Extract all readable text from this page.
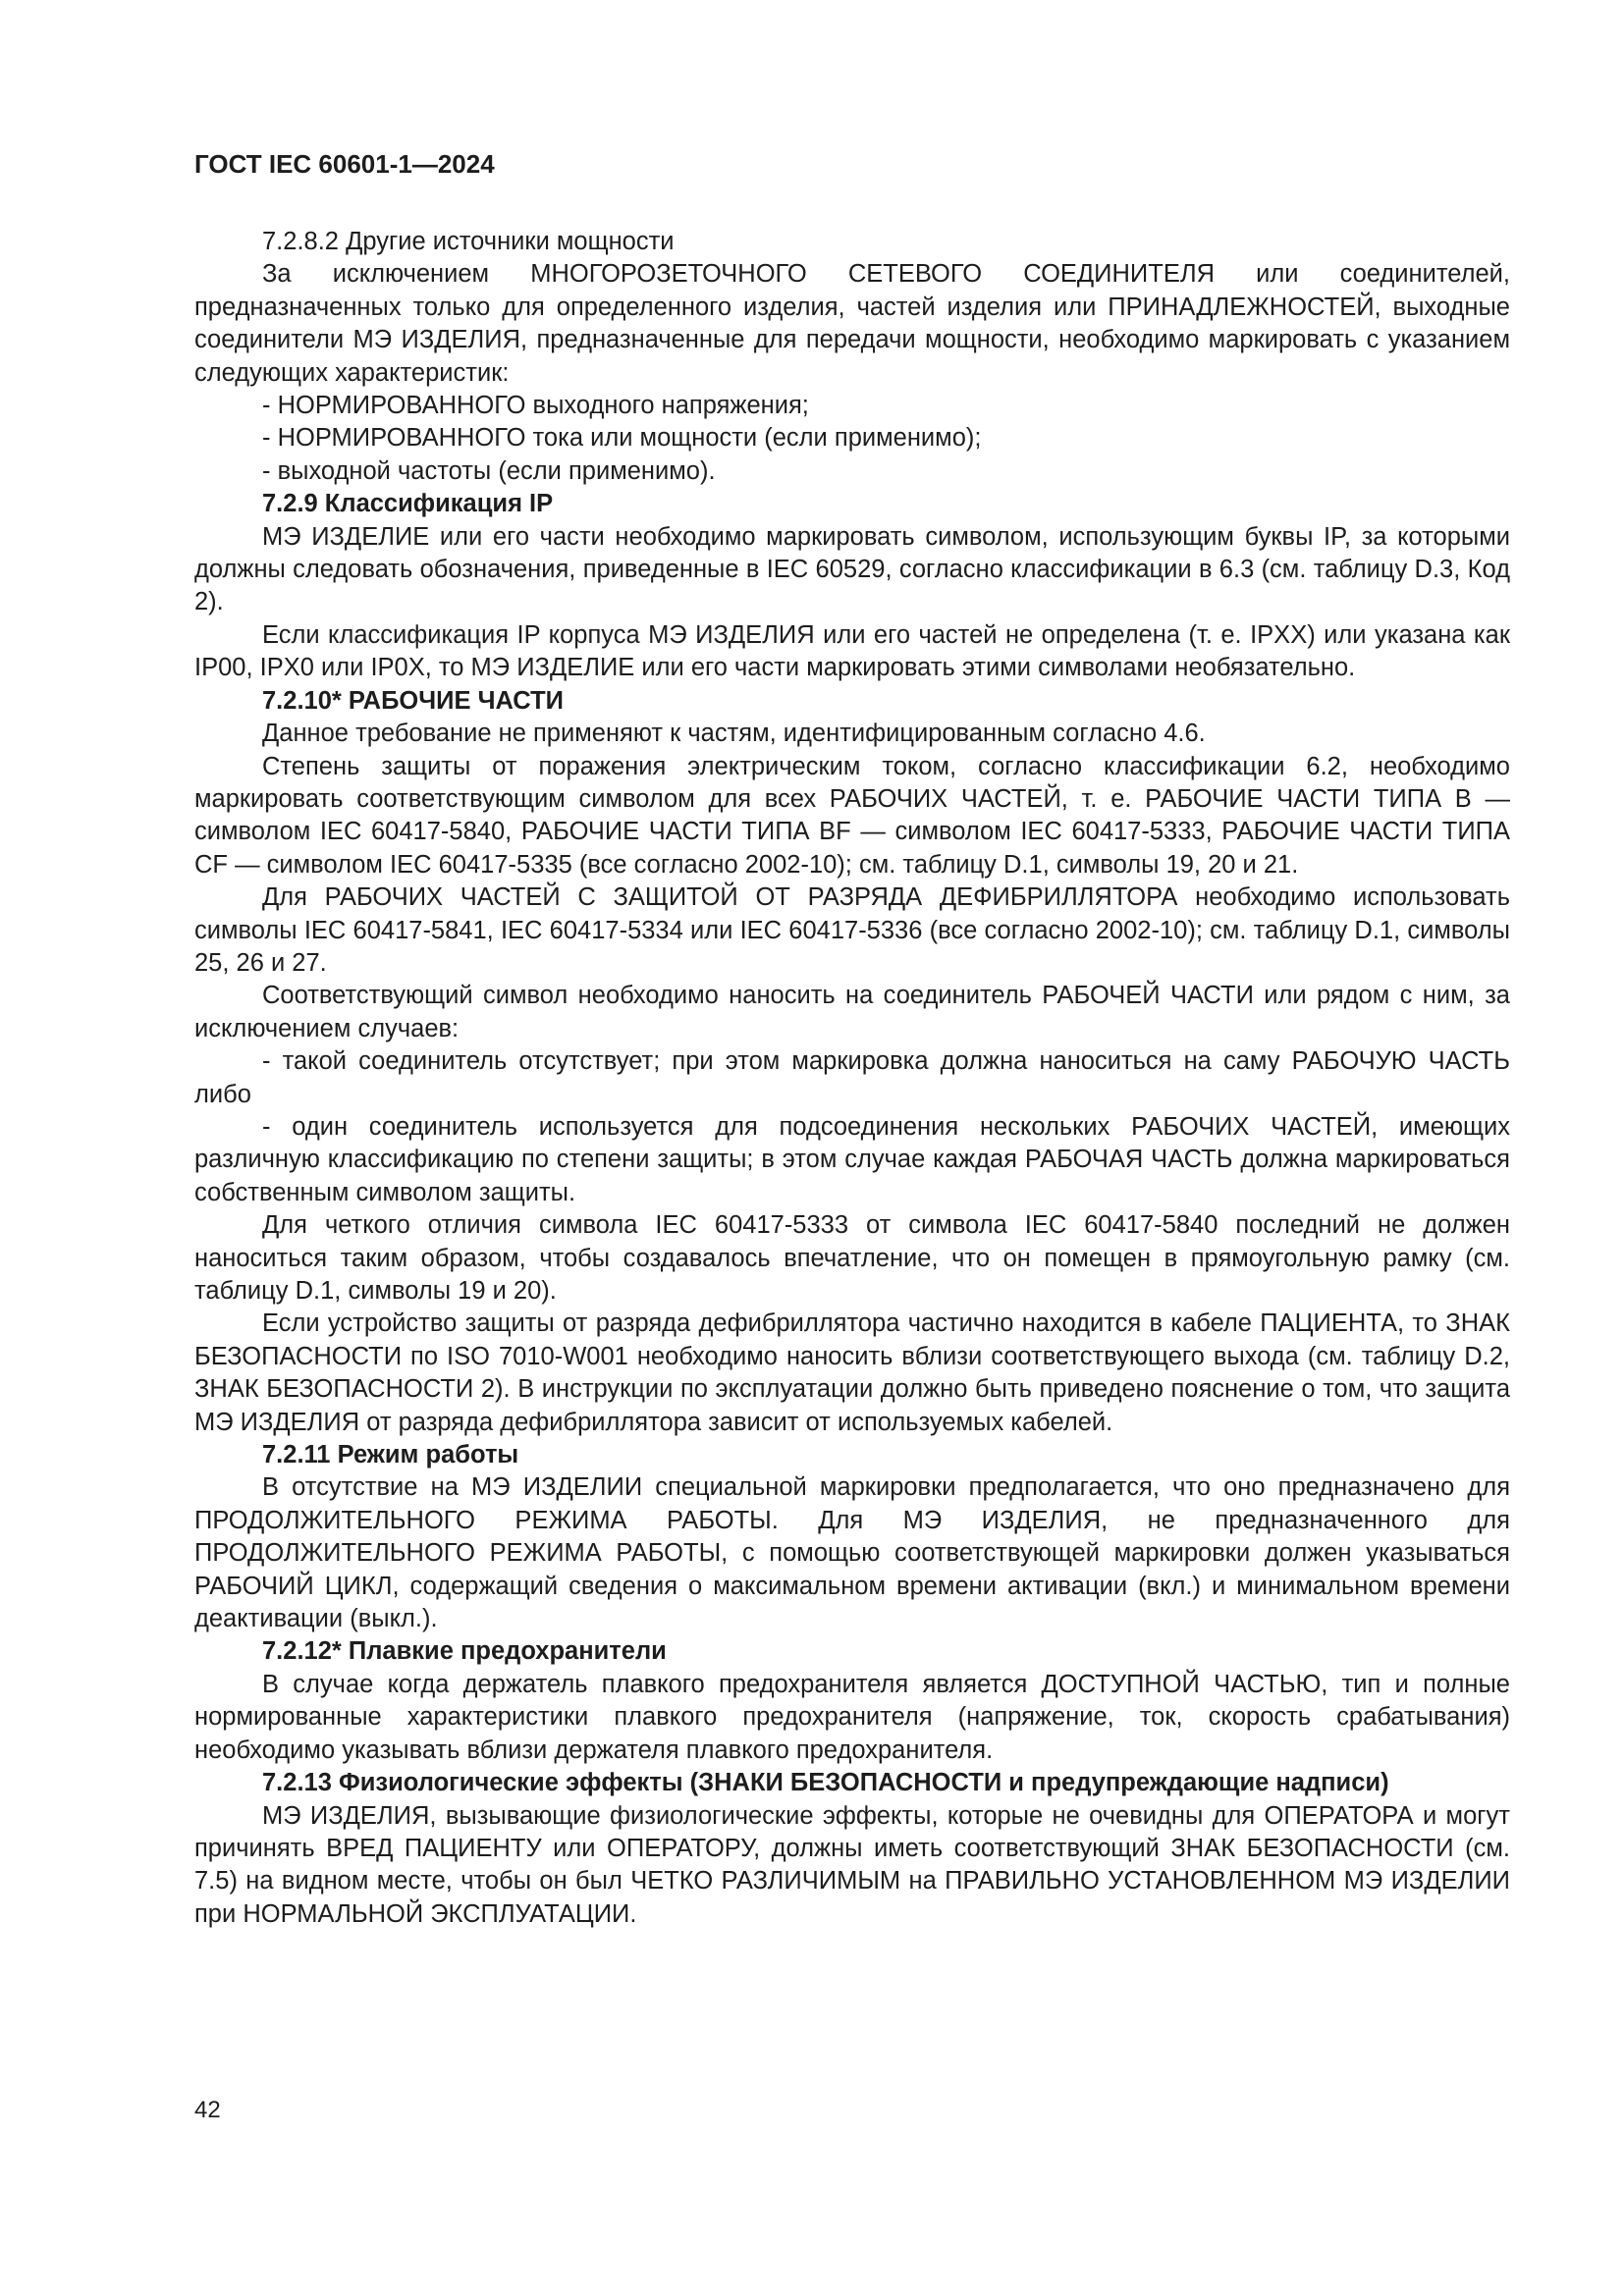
ГОСТ IEC 60601-1—2024

7.2.8.2 Другие источники мощности

За исключением МНОГОРОЗЕТОЧНОГО СЕТЕВОГО СОЕДИНИТЕЛЯ или соединителей, предназначенных только для определенного изделия, частей изделия или ПРИНАДЛЕЖНОСТЕЙ, выходные соединители МЭ ИЗДЕЛИЯ, предназначенные для передачи мощности, необходимо маркировать с указанием следующих характеристик:

- НОРМИРОВАННОГО выходного напряжения;

- НОРМИРОВАННОГО тока или мощности (если применимо);

- выходной частоты (если применимо).

7.2.9 Классификация IP

МЭ ИЗДЕЛИЕ или его части необходимо маркировать символом, использующим буквы IP, за которыми должны следовать обозначения, приведенные в IEC 60529, согласно классификации в 6.3 (см. таблицу D.3, Код 2).

Если классификация IP корпуса МЭ ИЗДЕЛИЯ или его частей не определена (т. е. IPXX) или указана как IP00, IPX0 или IP0X, то МЭ ИЗДЕЛИЕ или его части маркировать этими символами необязательно.

7.2.10* РАБОЧИЕ ЧАСТИ

Данное требование не применяют к частям, идентифицированным согласно 4.6.

Степень защиты от поражения электрическим током, согласно классификации 6.2, необходимо маркировать соответствующим символом для всех РАБОЧИХ ЧАСТЕЙ, т. е. РАБОЧИЕ ЧАСТИ ТИПА В — символом IEC 60417-5840, РАБОЧИЕ ЧАСТИ ТИПА BF — символом IEC 60417-5333, РАБОЧИЕ ЧАСТИ ТИПА CF — символом IEC 60417-5335 (все согласно 2002-10); см. таблицу D.1, символы 19, 20 и 21.

Для РАБОЧИХ ЧАСТЕЙ С ЗАЩИТОЙ ОТ РАЗРЯДА ДЕФИБРИЛЛЯТОРА необходимо использовать символы IEC 60417-5841, IEC 60417-5334 или IEC 60417-5336 (все согласно 2002-10); см. таблицу D.1, символы 25, 26 и 27.

Соответствующий символ необходимо наносить на соединитель РАБОЧЕЙ ЧАСТИ или рядом с ним, за исключением случаев:

- такой соединитель отсутствует; при этом маркировка должна наноситься на саму РАБОЧУЮ ЧАСТЬ либо

- один соединитель используется для подсоединения нескольких РАБОЧИХ ЧАСТЕЙ, имеющих различную классификацию по степени защиты; в этом случае каждая РАБОЧАЯ ЧАСТЬ должна маркироваться собственным символом защиты.

Для четкого отличия символа IEC 60417-5333 от символа IEC 60417-5840 последний не должен наноситься таким образом, чтобы создавалось впечатление, что он помещен в прямоугольную рамку (см. таблицу D.1, символы 19 и 20).

Если устройство защиты от разряда дефибриллятора частично находится в кабеле ПАЦИЕНТА, то ЗНАК БЕЗОПАСНОСТИ по ISO 7010-W001 необходимо наносить вблизи соответствующего выхода (см. таблицу D.2, ЗНАК БЕЗОПАСНОСТИ 2). В инструкции по эксплуатации должно быть приведено пояснение о том, что защита МЭ ИЗДЕЛИЯ от разряда дефибриллятора зависит от используемых кабелей.

7.2.11 Режим работы

В отсутствие на МЭ ИЗДЕЛИИ специальной маркировки предполагается, что оно предназначено для ПРОДОЛЖИТЕЛЬНОГО РЕЖИМА РАБОТЫ. Для МЭ ИЗДЕЛИЯ, не предназначенного для ПРОДОЛЖИТЕЛЬНОГО РЕЖИМА РАБОТЫ, с помощью соответствующей маркировки должен указываться РАБОЧИЙ ЦИКЛ, содержащий сведения о максимальном времени активации (вкл.) и минимальном времени деактивации (выкл.).

7.2.12* Плавкие предохранители

В случае когда держатель плавкого предохранителя является ДОСТУПНОЙ ЧАСТЬЮ, тип и полные нормированные характеристики плавкого предохранителя (напряжение, ток, скорость срабатывания) необходимо указывать вблизи держателя плавкого предохранителя.

7.2.13 Физиологические эффекты (ЗНАКИ БЕЗОПАСНОСТИ и предупреждающие надписи)

МЭ ИЗДЕЛИЯ, вызывающие физиологические эффекты, которые не очевидны для ОПЕРАТОРА и могут причинять ВРЕД ПАЦИЕНТУ или ОПЕРАТОРУ, должны иметь соответствующий ЗНАК БЕЗОПАСНОСТИ (см. 7.5) на видном месте, чтобы он был ЧЕТКО РАЗЛИЧИМЫМ на ПРАВИЛЬНО УСТАНОВЛЕННОМ МЭ ИЗДЕЛИИ при НОРМАЛЬНОЙ ЭКСПЛУАТАЦИИ.

42
